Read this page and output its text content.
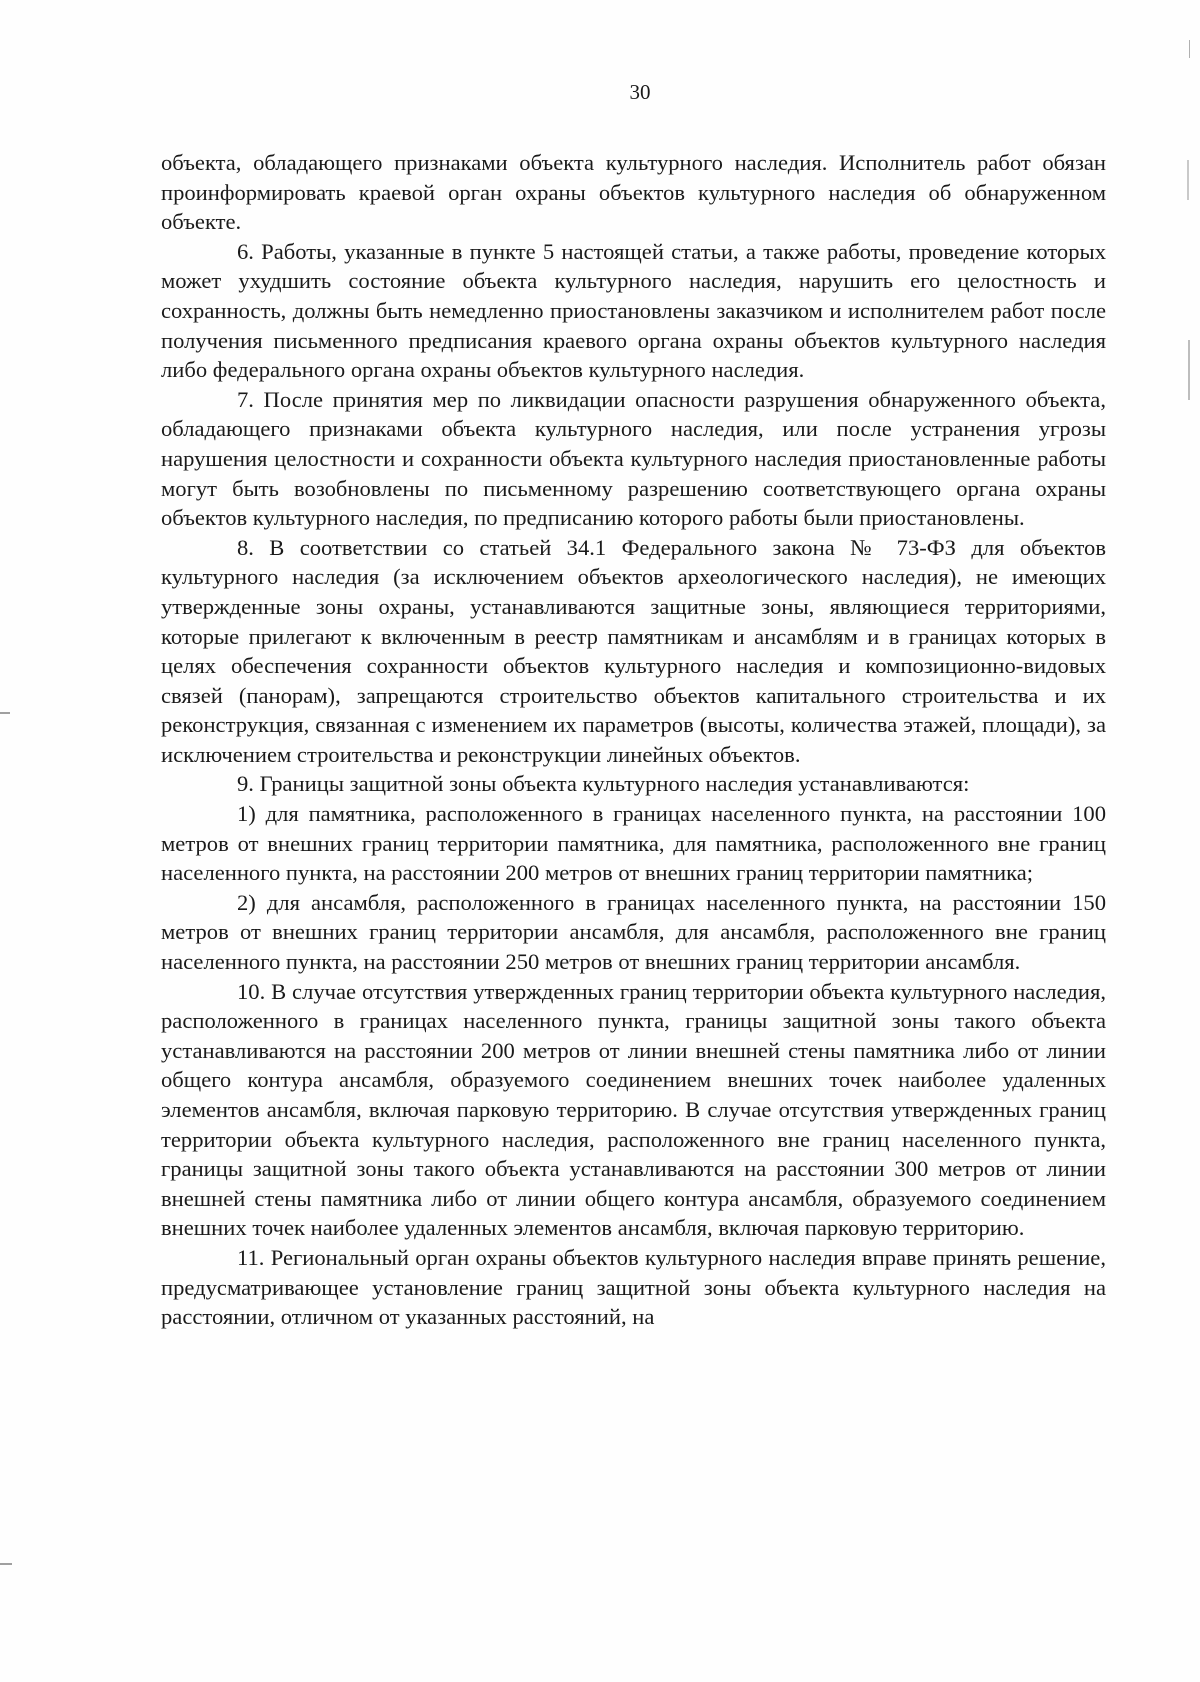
30

объекта, обладающего признаками объекта культурного наследия. Исполнитель работ обязан проинформировать краевой орган охраны объектов культурного наследия об обнаруженном объекте.

6. Работы, указанные в пункте 5 настоящей статьи, а также работы, проведение которых может ухудшить состояние объекта культурного наследия, нарушить его целостность и сохранность, должны быть немедленно приостановлены заказчиком и исполнителем работ после получения письменного предписания краевого органа охраны объектов культурного наследия либо федерального органа охраны объектов культурного наследия.

7. После принятия мер по ликвидации опасности разрушения обнаруженного объекта, обладающего признаками объекта культурного наследия, или после устранения угрозы нарушения целостности и сохранности объекта культурного наследия приостановленные работы могут быть возобновлены по письменному разрешению соответствующего органа охраны объектов культурного наследия, по предписанию которого работы были приостановлены.

8. В соответствии со статьей 34.1 Федерального закона № 73-ФЗ для объектов культурного наследия (за исключением объектов археологического наследия), не имеющих утвержденные зоны охраны, устанавливаются защитные зоны, являющиеся территориями, которые прилегают к включенным в реестр памятникам и ансамблям и в границах которых в целях обеспечения сохранности объектов культурного наследия и композиционно-видовых связей (панорам), запрещаются строительство объектов капитального строительства и их реконструкция, связанная с изменением их параметров (высоты, количества этажей, площади), за исключением строительства и реконструкции линейных объектов.

9. Границы защитной зоны объекта культурного наследия устанавливаются:

1) для памятника, расположенного в границах населенного пункта, на расстоянии 100 метров от внешних границ территории памятника, для памятника, расположенного вне границ населенного пункта, на расстоянии 200 метров от внешних границ территории памятника;

2) для ансамбля, расположенного в границах населенного пункта, на расстоянии 150 метров от внешних границ территории ансамбля, для ансамбля, расположенного вне границ населенного пункта, на расстоянии 250 метров от внешних границ территории ансамбля.

10. В случае отсутствия утвержденных границ территории объекта культурного наследия, расположенного в границах населенного пункта, границы защитной зоны такого объекта устанавливаются на расстоянии 200 метров от линии внешней стены памятника либо от линии общего контура ансамбля, образуемого соединением внешних точек наиболее удаленных элементов ансамбля, включая парковую территорию. В случае отсутствия утвержденных границ территории объекта культурного наследия, расположенного вне границ населенного пункта, границы защитной зоны такого объекта устанавливаются на расстоянии 300 метров от линии внешней стены памятника либо от линии общего контура ансамбля, образуемого соединением внешних точек наиболее удаленных элементов ансамбля, включая парковую территорию.

11. Региональный орган охраны объектов культурного наследия вправе принять решение, предусматривающее установление границ защитной зоны объекта культурного наследия на расстоянии, отличном от указанных расстояний, на
